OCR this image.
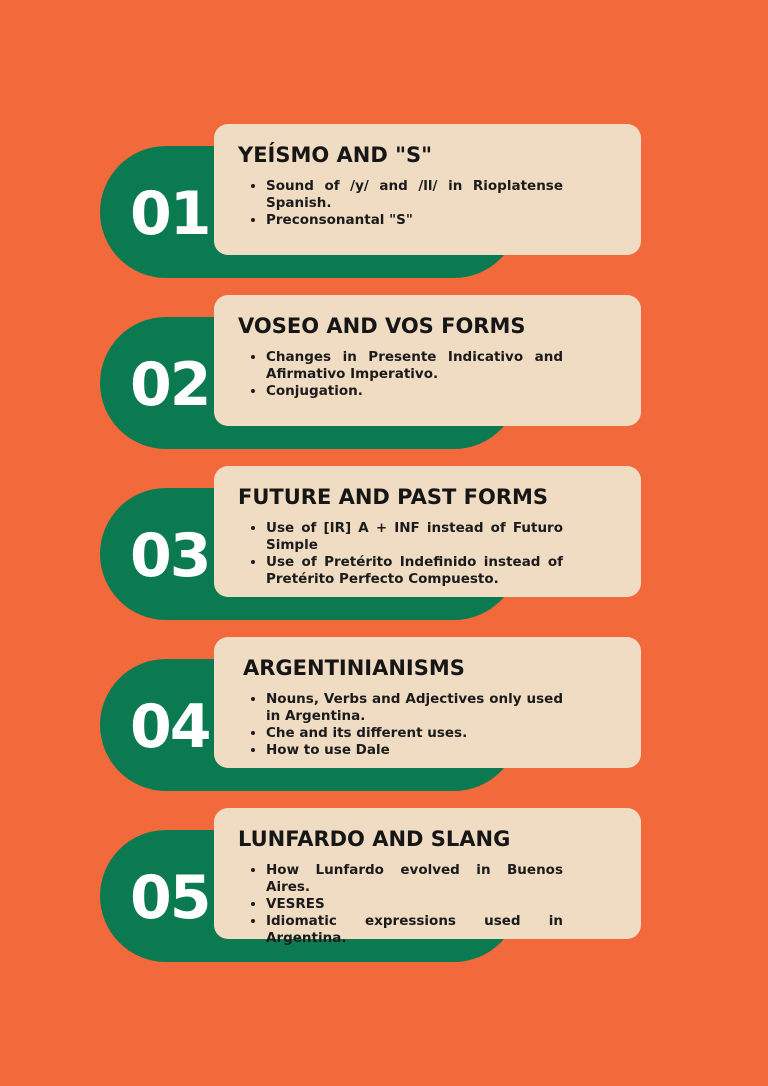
01
YEÍSMO AND "S"
• Sound of /y/ and /ll/ in Rioplatense Spanish.
• Preconsonantal "S"
02
VOSEO AND VOS FORMS
• Changes in Presente Indicativo and Afirmativo Imperativo.
• Conjugation.
03
FUTURE AND PAST FORMS
• Use of [IR] A + INF instead of Futuro Simple
• Use of Pretérito Indefinido instead of Pretérito Perfecto Compuesto.
04
ARGENTINIANISMS
• Nouns, Verbs and Adjectives only used in Argentina.
• Che and its different uses.
• How to use Dale
05
LUNFARDO AND SLANG
• How Lunfardo evolved in Buenos Aires.
• VESRES
• Idiomatic expressions used in Argentina.
